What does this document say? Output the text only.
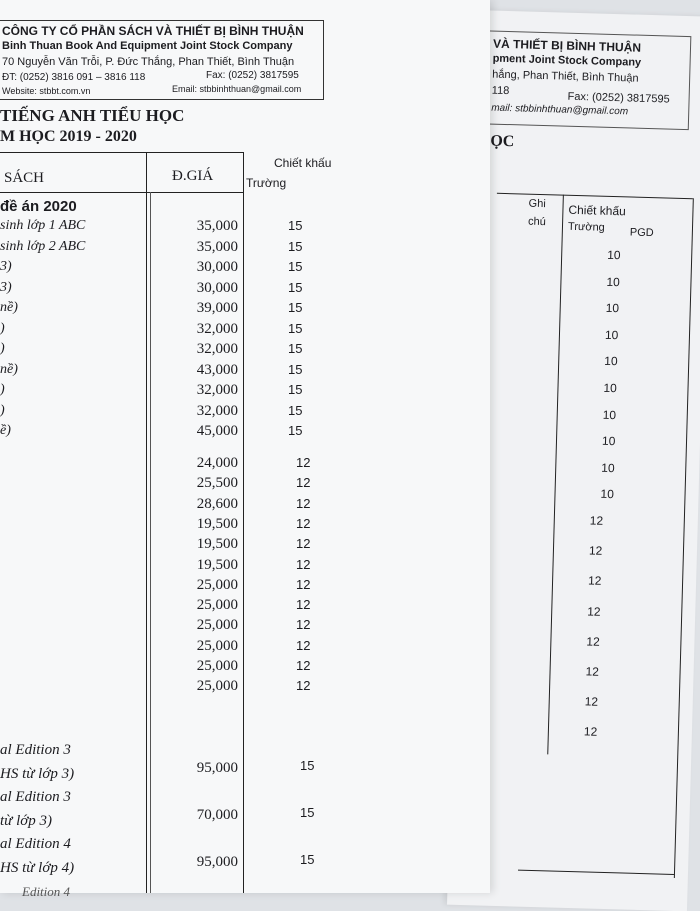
VÀ THIẾT BỊ BÌNH THUẬN
pment Joint Stock Company
hắng, Phan Thiết, Bình Thuận
118	Fax: (0252) 3817595
mail: stbbinhthuan@gmail.com
ỌC
Ghi
chú
Chiết khấu
Trường PGD
10
10
10
10
10
10
10
10
10
10
12
12
12
12
12
12
12
12
CÔNG TY CỔ PHẦN SÁCH VÀ THIẾT BỊ BÌNH THUẬN
Binh Thuan Book And Equipment Joint Stock Company
70 Nguyễn Văn Trỗi, P. Đức Thắng, Phan Thiết, Bình Thuận
ĐT: (0252) 3816 091 – 3816 118	Fax: (0252) 3817595
Website: stbbt.com.vn	Email: stbbinhthuan@gmail.com
TIẾNG ANH TIỂU HỌC
M HỌC 2019 - 2020
SÁCH	Đ.GIÁ
Chiết khấu
Trường
đề án 2020
sinh lớp 1 ABC	35,000	15
sinh lớp 2 ABC	35,000	15
3)	30,000	15
3)	30,000	15
nề)	39,000	15
)	32,000	15
)	32,000	15
nề)	43,000	15
)	32,000	15
)	32,000	15
ề)	45,000	15
24,000	12
25,500	12
28,600	12
19,500	12
19,500	12
19,500	12
25,000	12
25,000	12
25,000	12
25,000	12
25,000	12
25,000	12
al Edition 3
HS từ lớp 3)	95,000	15
al Edition 3
từ lớp 3)	70,000	15
al Edition 4
HS từ lớp 4)	95,000	15
Edition 4
